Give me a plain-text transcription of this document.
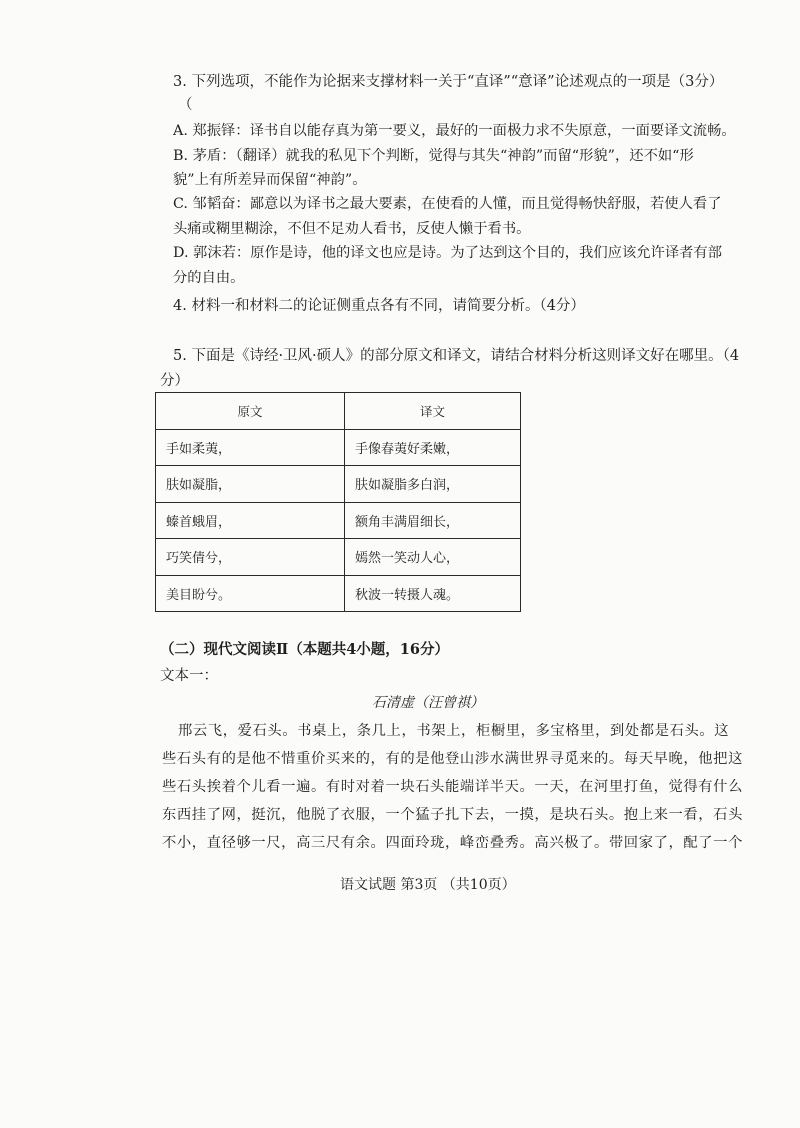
3. 下列选项，不能作为论据来支撑材料一关于“直译”“意译”论述观点的一项是（3分）
（
A. 郑振铎：译书自以能存真为第一要义，最好的一面极力求不失原意，一面要译文流畅。
B. 茅盾：（翻译）就我的私见下个判断，觉得与其失“神韵”而留“形貌”，还不如“形
貌”上有所差异而保留“神韵”。
C. 邹韬奋：鄙意以为译书之最大要素，在使看的人懂，而且觉得畅快舒服，若使人看了
头痛或糊里糊涂，不但不足劝人看书，反使人懒于看书。
D. 郭沫若：原作是诗，他的译文也应是诗。为了达到这个目的，我们应该允许译者有部
分的自由。
4. 材料一和材料二的论证侧重点各有不同，请简要分析。（4分）
5. 下面是《诗经·卫风·硕人》的部分原文和译文，请结合材料分析这则译文好在哪里。（4
分）
原文	译文
手如柔荑，	手像春荑好柔嫩，
肤如凝脂，	肤如凝脂多白润，
螓首蛾眉，	额角丰满眉细长，
巧笑倩兮，	嫣然一笑动人心，
美目盼兮。	秋波一转摄人魂。
（二）现代文阅读Ⅱ（本题共4小题，16分）
文本一：
石清虚（汪曾祺）
邢云飞，爱石头。书桌上，条几上，书架上，柜橱里，多宝格里，到处都是石头。这
些石头有的是他不惜重价买来的，有的是他登山涉水满世界寻觅来的。每天早晚，他把这
些石头挨着个儿看一遍。有时对着一块石头能端详半天。一天，在河里打鱼，觉得有什么
东西挂了网，挺沉，他脱了衣服，一个猛子扎下去，一摸，是块石头。抱上来一看，石头
不小，直径够一尺，高三尺有余。四面玲珑，峰峦叠秀。高兴极了。带回家了，配了一个
语文试题 第3页 （共10页）
